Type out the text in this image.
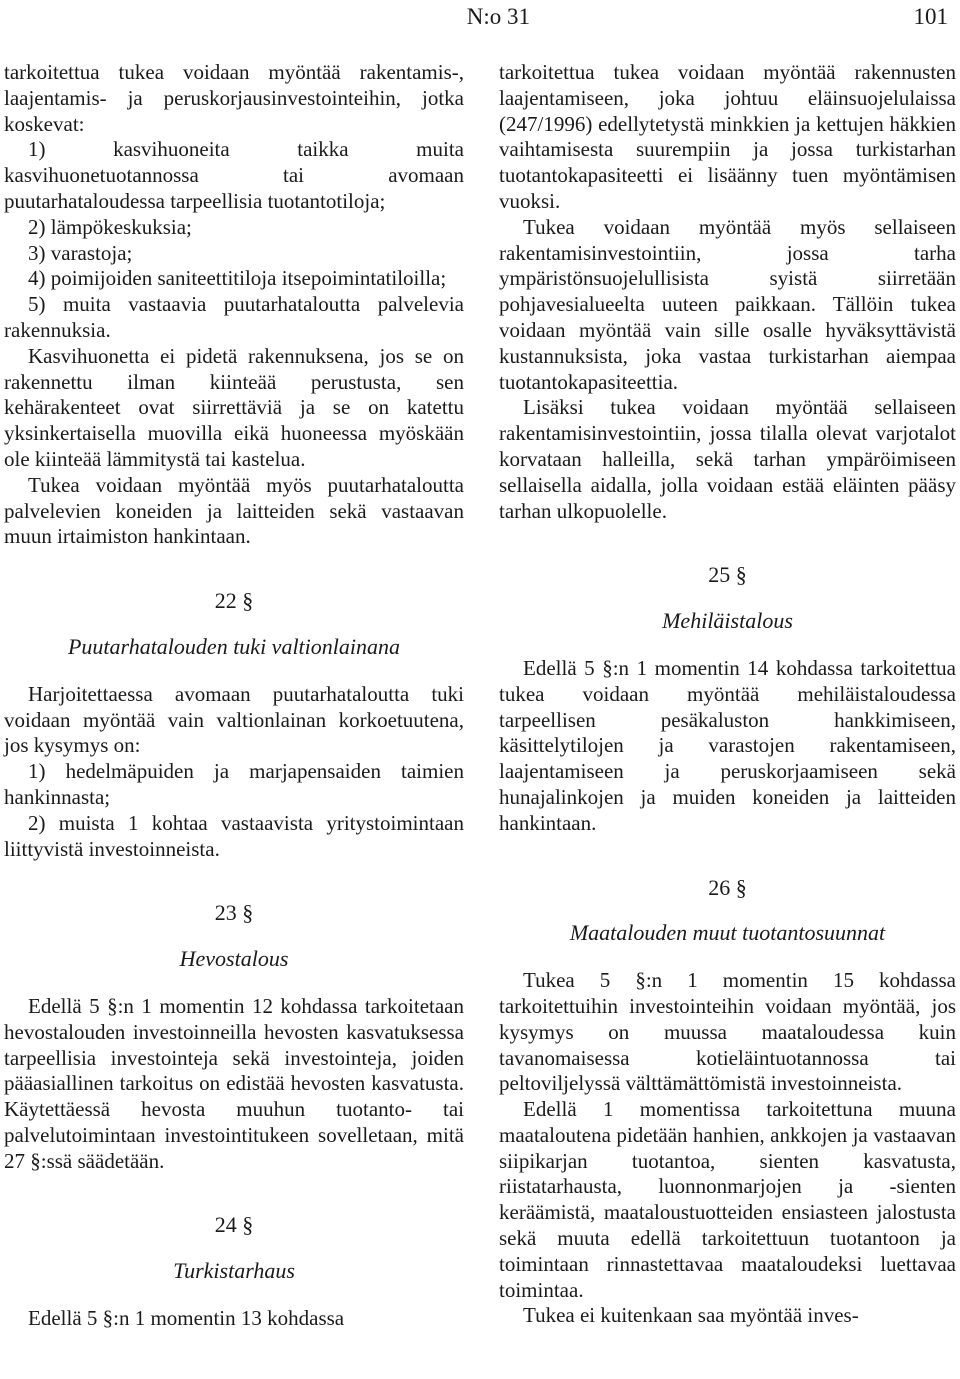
N:o 31	101

tarkoitettua tukea voidaan myöntää rakentamis-, laajentamis- ja peruskorjausinvestointeihin, jotka koskevat:

1) kasvihuoneita taikka muita kasvihuonetuotannossa tai avomaan puutarhataloudessa tarpeellisia tuotantotiloja;

2) lämpökeskuksia;

3) varastoja;

4) poimijoiden saniteettitiloja itsepoimintatiloilla;

5) muita vastaavia puutarhataloutta palvelevia rakennuksia.

Kasvihuonetta ei pidetä rakennuksena, jos se on rakennettu ilman kiinteää perustusta, sen kehärakenteet ovat siirrettäviä ja se on katettu yksinkertaisella muovilla eikä huoneessa myöskään ole kiinteää lämmitystä tai kastelua.

Tukea voidaan myöntää myös puutarhataloutta palvelevien koneiden ja laitteiden sekä vastaavan muun irtaimiston hankintaan.

22 §
Puutarhatalouden tuki valtionlainana

Harjoitettaessa avomaan puutarhataloutta tuki voidaan myöntää vain valtionlainan korkoetuutena, jos kysymys on:

1) hedelmäpuiden ja marjapensaiden taimien hankinnasta;

2) muista 1 kohtaa vastaavista yritystoimintaan liittyvistä investoinneista.

23 §
Hevostalous

Edellä 5 §:n 1 momentin 12 kohdassa tarkoitetaan hevostalouden investoinneilla hevosten kasvatuksessa tarpeellisia investointeja sekä investointeja, joiden pääasiallinen tarkoitus on edistää hevosten kasvatusta. Käytettäessä hevosta muuhun tuotanto- tai palvelutoimintaan investointitukeen sovelletaan, mitä 27 §:ssä säädetään.

24 §
Turkistarhaus

Edellä 5 §:n 1 momentin 13 kohdassa

tarkoitettua tukea voidaan myöntää rakennusten laajentamiseen, joka johtuu eläinsuojelulaissa (247/1996) edellytetystä minkkien ja kettujen häkkien vaihtamisesta suurempiin ja jossa turkistarhan tuotantokapasiteetti ei lisäänny tuen myöntämisen vuoksi.

Tukea voidaan myöntää myös sellaiseen rakentamisinvestointiin, jossa tarha ympäristönsuojelullisista syistä siirretään pohjavesialueelta uuteen paikkaan. Tällöin tukea voidaan myöntää vain sille osalle hyväksyttävistä kustannuksista, joka vastaa turkistarhan aiempaa tuotantokapasiteettia.

Lisäksi tukea voidaan myöntää sellaiseen rakentamisinvestointiin, jossa tilalla olevat varjotalot korvataan halleilla, sekä tarhan ympäröimiseen sellaisella aidalla, jolla voidaan estää eläinten pääsy tarhan ulkopuolelle.

25 §
Mehiläistalous

Edellä 5 §:n 1 momentin 14 kohdassa tarkoitettua tukea voidaan myöntää mehiläistaloudessa tarpeellisen pesäkaluston hankkimiseen, käsittelytilojen ja varastojen rakentamiseen, laajentamiseen ja peruskorjaamiseen sekä hunajalinkojen ja muiden koneiden ja laitteiden hankintaan.

26 §
Maatalouden muut tuotantosuunnat

Tukea 5 §:n 1 momentin 15 kohdassa tarkoitettuihin investointeihin voidaan myöntää, jos kysymys on muussa maataloudessa kuin tavanomaisessa kotieläintuotannossa tai peltoviljelyssä välttämättömistä investoinneista.

Edellä 1 momentissa tarkoitettuna muuna maataloutena pidetään hanhien, ankkojen ja vastaavan siipikarjan tuotantoa, sienten kasvatusta, riistatarhausta, luonnonmarjojen ja -sienten keräämistä, maataloustuotteiden ensiasteen jalostusta sekä muuta edellä tarkoitettuun tuotantoon ja toimintaan rinnastettavaa maataloudeksi luettavaa toimintaa.

Tukea ei kuitenkaan saa myöntää inves-
